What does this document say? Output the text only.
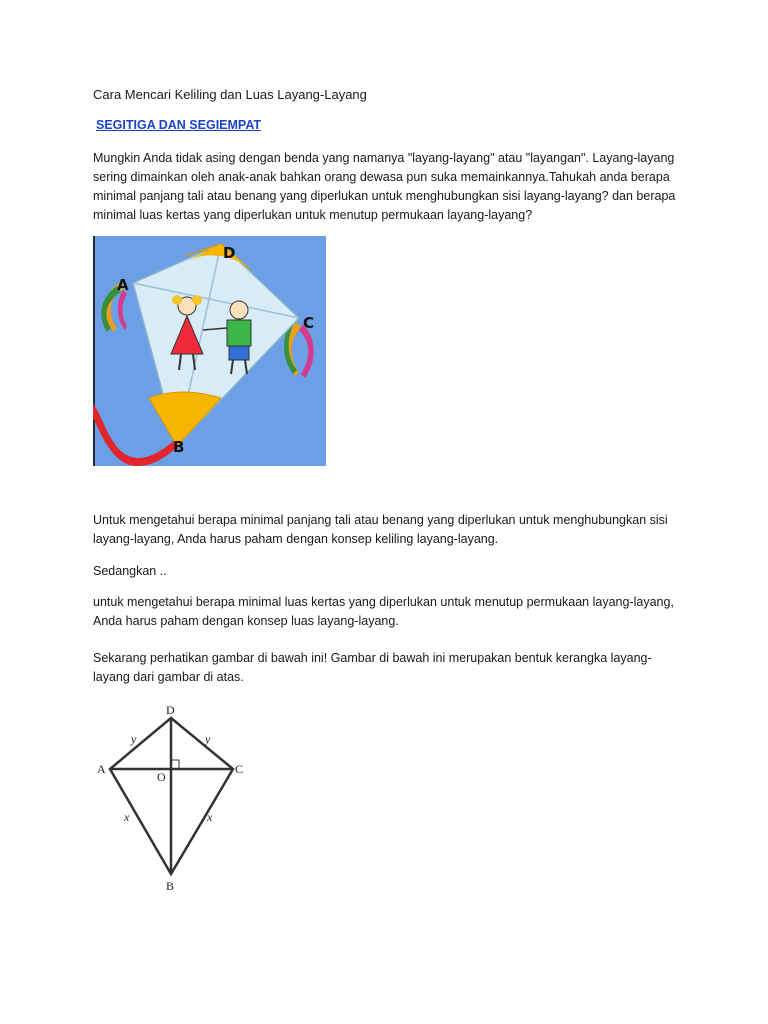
Cara Mencari Keliling dan Luas Layang-Layang
SEGITIGA DAN SEGIEMPAT

Mungkin Anda tidak asing dengan benda yang namanya "layang-layang" atau "layangan". Layang-layang sering dimainkan oleh anak-anak bahkan orang dewasa pun suka memainkannya.Tahukah anda berapa minimal panjang tali atau benang yang diperlukan untuk menghubungkan sisi layang-layang? dan berapa minimal luas kertas yang diperlukan untuk menutup permukaan layang-layang?

D
A
C
B

Untuk mengetahui berapa minimal panjang tali atau benang yang diperlukan untuk menghubungkan sisi layang-layang, Anda harus paham dengan konsep keliling layang-layang.

Sedangkan ..

untuk mengetahui berapa minimal luas kertas yang diperlukan untuk menutup permukaan layang-layang, Anda harus paham dengan konsep luas layang-layang.

Sekarang perhatikan gambar di bawah ini! Gambar di bawah ini merupakan bentuk kerangka layang-layang dari gambar di atas.

D
A	C
B
O
y	y
x	x
